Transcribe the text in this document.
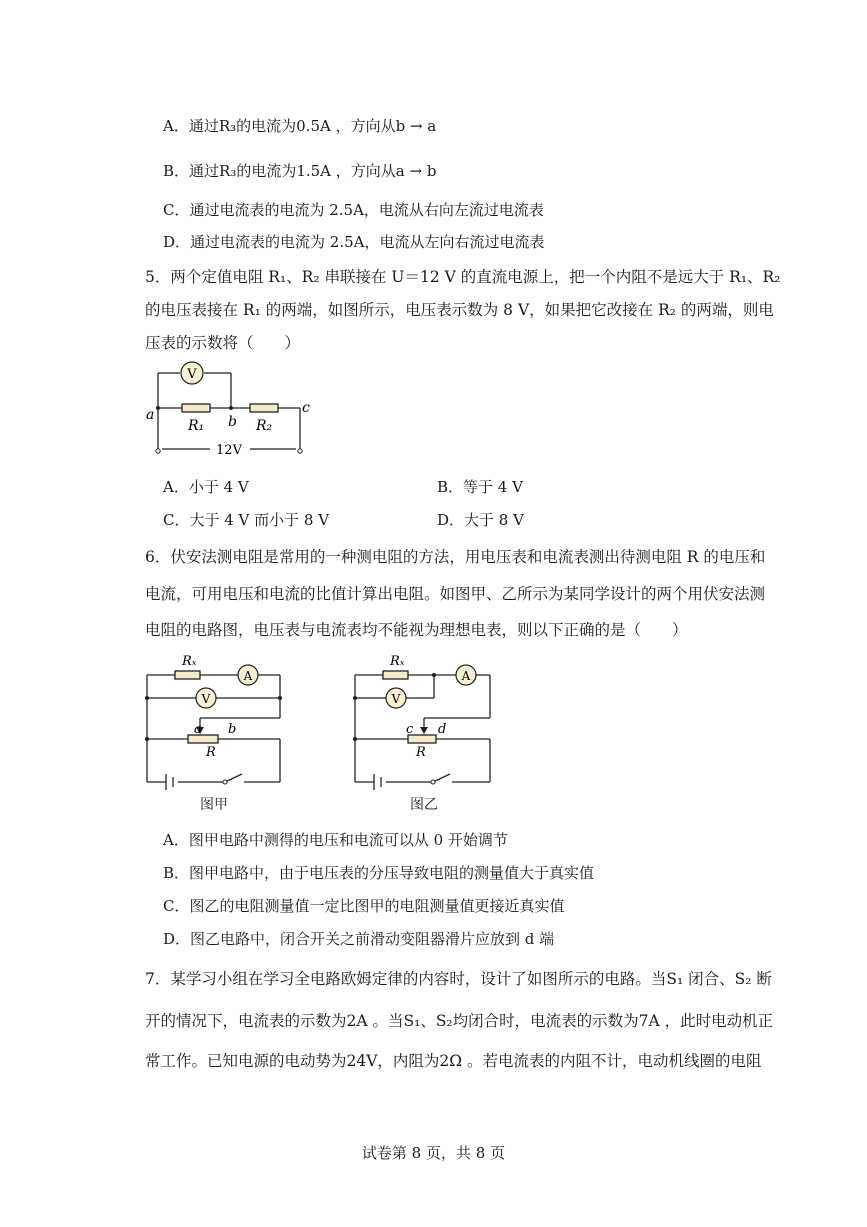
A．通过R₃的电流为0.5A ，方向从b → a
B．通过R₃的电流为1.5A ，方向从a → b
C．通过电流表的电流为 2.5A，电流从右向左流过电流表
D．通过电流表的电流为 2.5A，电流从左向右流过电流表
5．两个定值电阻 R₁、R₂ 串联接在 U＝12 V 的直流电源上，把一个内阻不是远大于 R₁、R₂
的电压表接在 R₁ 的两端，如图所示，电压表示数为 8 V，如果把它改接在 R₂ 的两端，则电
压表的示数将（　　）
V
a	b
c
R₁	R₂
12V
A．小于 4 V	B．等于 4 V
C．大于 4 V 而小于 8 V	D．大于 8 V
6．伏安法测电阻是常用的一种测电阻的方法，用电压表和电流表测出待测电阻 R 的电压和
电流，可用电压和电流的比值计算出电阻。如图甲、乙所示为某同学设计的两个用伏安法测
电阻的电路图，电压表与电流表均不能视为理想电表，则以下正确的是（　　）
A
V
Rₓ
a b
R
图甲
A
V
Rₓ
c d
R
图乙
A．图甲电路中测得的电压和电流可以从 0 开始调节
B．图甲电路中，由于电压表的分压导致电阻的测量值大于真实值
C．图乙的电阻测量值一定比图甲的电阻测量值更接近真实值
D．图乙电路中，闭合开关之前滑动变阻器滑片应放到 d 端
7．某学习小组在学习全电路欧姆定律的内容时，设计了如图所示的电路。当S₁ 闭合、S₂ 断
开的情况下，电流表的示数为2A 。当S₁、S₂均闭合时，电流表的示数为7A ，此时电动机正
常工作。已知电源的电动势为24V，内阻为2Ω 。若电流表的内阻不计，电动机线圈的电阻
试卷第 8 页，共 8 页
